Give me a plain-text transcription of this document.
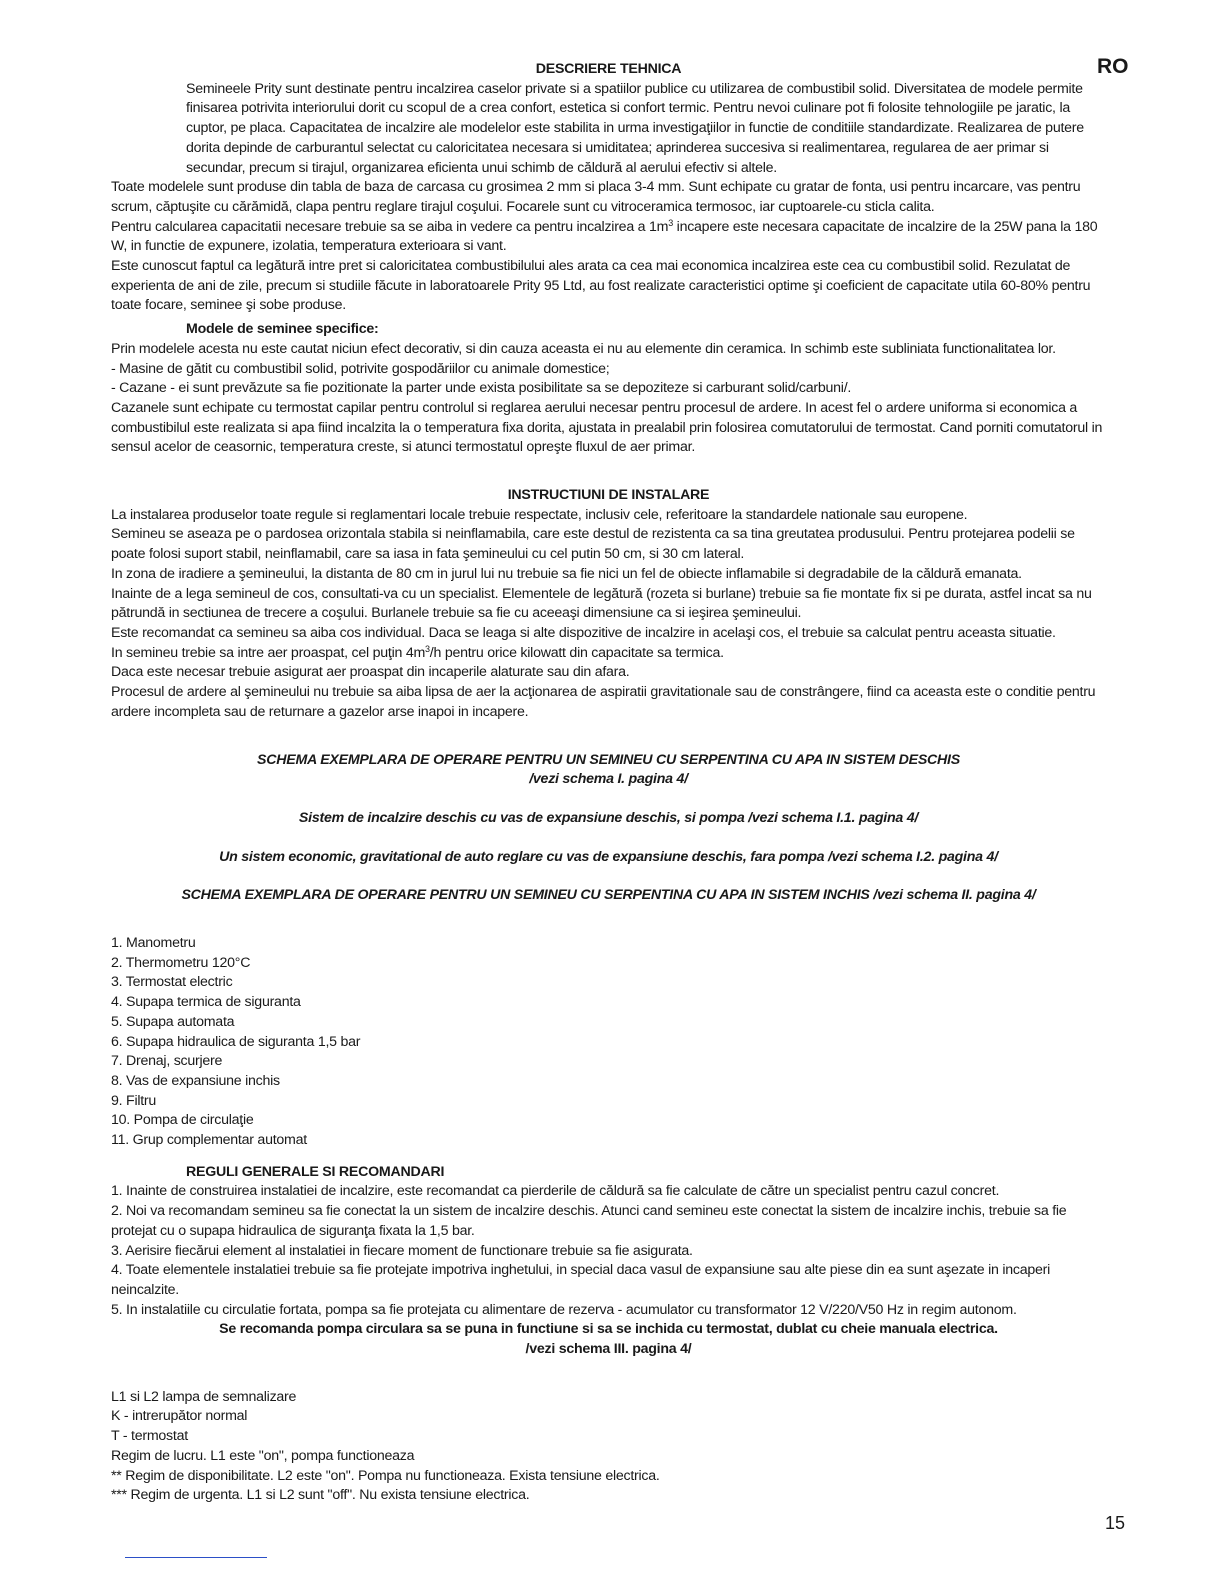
RO

DESCRIERE TEHNICA

Semineele Prity sunt destinate pentru incalzirea caselor private si a spatiilor publice cu utilizarea de combustibil solid. Diversitatea de modele permite finisarea potrivita interiorului dorit cu scopul de a crea confort, estetica si confort termic. Pentru nevoi culinare pot fi folosite tehnologiile pe jaratic, la cuptor, pe placa. Capacitatea de incalzire ale modelelor este stabilita in urma investigaţiilor in functie de conditiile standardizate. Realizarea de putere dorita depinde de carburantul selectat cu caloricitatea necesara si umiditatea; aprinderea succesiva si realimentarea, regularea de aer primar si secundar, precum si tirajul, organizarea eficienta unui schimb de căldură al aerului efectiv si altele.

Toate modelele sunt produse din tabla de baza de carcasa cu grosimea 2 mm si placa 3-4 mm. Sunt echipate cu gratar de fonta, usi pentru incarcare, vas pentru scrum, căptuşite cu cărămidă, clapa pentru reglare tirajul coşului. Focarele sunt cu vitroceramica termosoc, iar cuptoarele-cu sticla calita.

Pentru calcularea capacitatii necesare trebuie sa se aiba in vedere ca pentru incalzirea a $1m^3$ incapere este necesara capacitate de incalzire de la 25W pana la 180 W, in functie de expunere, izolatia, temperatura exterioara si vant.

Este cunoscut faptul ca legătură intre pret si caloricitatea combustibilului ales arata ca cea mai economica incalzirea este cea cu combustibil solid. Rezulatat de experienta de ani de zile, precum si studiile făcute in laboratoarele Prity 95 Ltd, au fost realizate caracteristici optime şi coeficient de capacitate utila 60-80% pentru toate focare, seminee şi sobe produse.

Modele de seminee specifice:

Prin modelele acesta nu este cautat niciun efect decorativ, si din cauza aceasta ei nu au elemente din ceramica. In schimb este subliniata functionalitatea lor.

- Masine de gătit cu combustibil solid, potrivite gospodăriilor cu animale domestice;

- Cazane - ei sunt prevăzute sa fie pozitionate la parter unde exista posibilitate sa se depoziteze si carburant solid/carbuni/.

Cazanele sunt echipate cu termostat capilar pentru controlul si reglarea aerului necesar pentru procesul de ardere. In acest fel o ardere uniforma si economica a combustibilul este realizata si apa fiind incalzita la o temperatura fixa dorita, ajustata in prealabil prin folosirea comutatorului de termostat. Cand porniti comutatorul in sensul acelor de ceasornic, temperatura creste, si atunci termostatul opreşte fluxul de aer primar.

INSTRUCTIUNI DE INSTALARE

La instalarea produselor toate regule si reglamentari locale trebuie respectate, inclusiv cele, referitoare la standardele nationale sau europene.

Semineu se aseaza pe o pardosea orizontala stabila si neinflamabila, care este destul de rezistenta ca sa tina greutatea produsului. Pentru protejarea podelii se poate folosi suport stabil, neinflamabil, care sa iasa in fata şemineului cu cel putin 50 cm, si 30 cm lateral.

In zona de iradiere a şemineului, la distanta de 80 cm in jurul lui nu trebuie sa fie nici un fel de obiecte inflamabile si degradabile de la căldură emanata.

Inainte de a lega semineul de cos, consultati-va cu un specialist. Elementele de legătură (rozeta si burlane) trebuie sa fie montate fix si pe durata, astfel incat sa nu pătrundă in sectiunea de trecere a coşului. Burlanele trebuie sa fie cu aceeaşi dimensiune ca si ieşirea şemineului.

Este recomandat ca semineu sa aiba cos individual. Daca se leaga si alte dispozitive de incalzire in acelaşi cos, el trebuie sa calculat pentru aceasta situatie.

In semineu trebie sa intre aer proaspat, cel puţin $4m^3/h$ pentru orice kilowatt din capacitate sa termica.

Daca este necesar trebuie asigurat aer proaspat din incaperile alaturate sau din afara.

Procesul de ardere al şemineului nu trebuie sa aiba lipsa de aer la acţionarea de aspiratii gravitationale sau de constrângere, fiind ca aceasta este o conditie pentru ardere incompleta sau de returnare a gazelor arse inapoi in incapere.

SCHEMA EXEMPLARA DE OPERARE PENTRU UN SEMINEU CU SERPENTINA CU APA IN SISTEM DESCHIS

/vezi schema I. pagina 4/

Sistem de incalzire deschis cu vas de expansiune deschis, si pompa /vezi schema I.1. pagina 4/

Un sistem economic, gravitational de auto reglare cu vas de expansiune deschis, fara pompa /vezi schema I.2. pagina 4/

SCHEMA EXEMPLARA DE OPERARE PENTRU UN SEMINEU CU SERPENTINA CU APA IN SISTEM INCHIS /vezi schema II. pagina 4/

1. Manometru
2. Thermometru 120°C
3. Termostat electric
4. Supapa termica de siguranta
5. Supapa automata
6. Supapa hidraulica de siguranta 1,5 bar
7. Drenaj, scurjere
8. Vas de expansiune inchis
9. Filtru
10. Pompa de circulaţie
11. Grup complementar automat

REGULI GENERALE SI RECOMANDARI

1. Inainte de construirea instalatiei de incalzire, este recomandat ca pierderile de căldură sa fie calculate de către un specialist pentru cazul concret.

2. Noi va recomandam semineu sa fie conectat la un sistem de incalzire deschis. Atunci cand semineu este conectat la sistem de incalzire inchis, trebuie sa fie protejat cu o supapa hidraulica de siguranţa fixata la 1,5 bar.

3. Aerisire fiecărui element al instalatiei in fiecare moment de functionare trebuie sa fie asigurata.

4. Toate elementele instalatiei trebuie sa fie protejate impotriva inghetului, in special daca vasul de expansiune sau alte piese din ea sunt aşezate in incaperi neincalzite.

5. In instalatiile cu circulatie fortata, pompa sa fie protejata cu alimentare de rezerva - acumulator cu transformator 12 V/220/V50 Hz in regim autonom.

Se recomanda pompa circulara sa se puna in functiune si sa se inchida cu termostat, dublat cu cheie manuala electrica.

/vezi schema III. pagina 4/

L1 si L2 lampa de semnalizare
K - intrerupător normal
T - termostat
Regim de lucru. L1 este "on", pompa functioneaza
** Regim de disponibilitate. L2 este "on". Pompa nu functioneaza. Exista tensiune electrica.
*** Regim de urgenta. L1 si L2 sunt "off". Nu exista tensiune electrica.
15
